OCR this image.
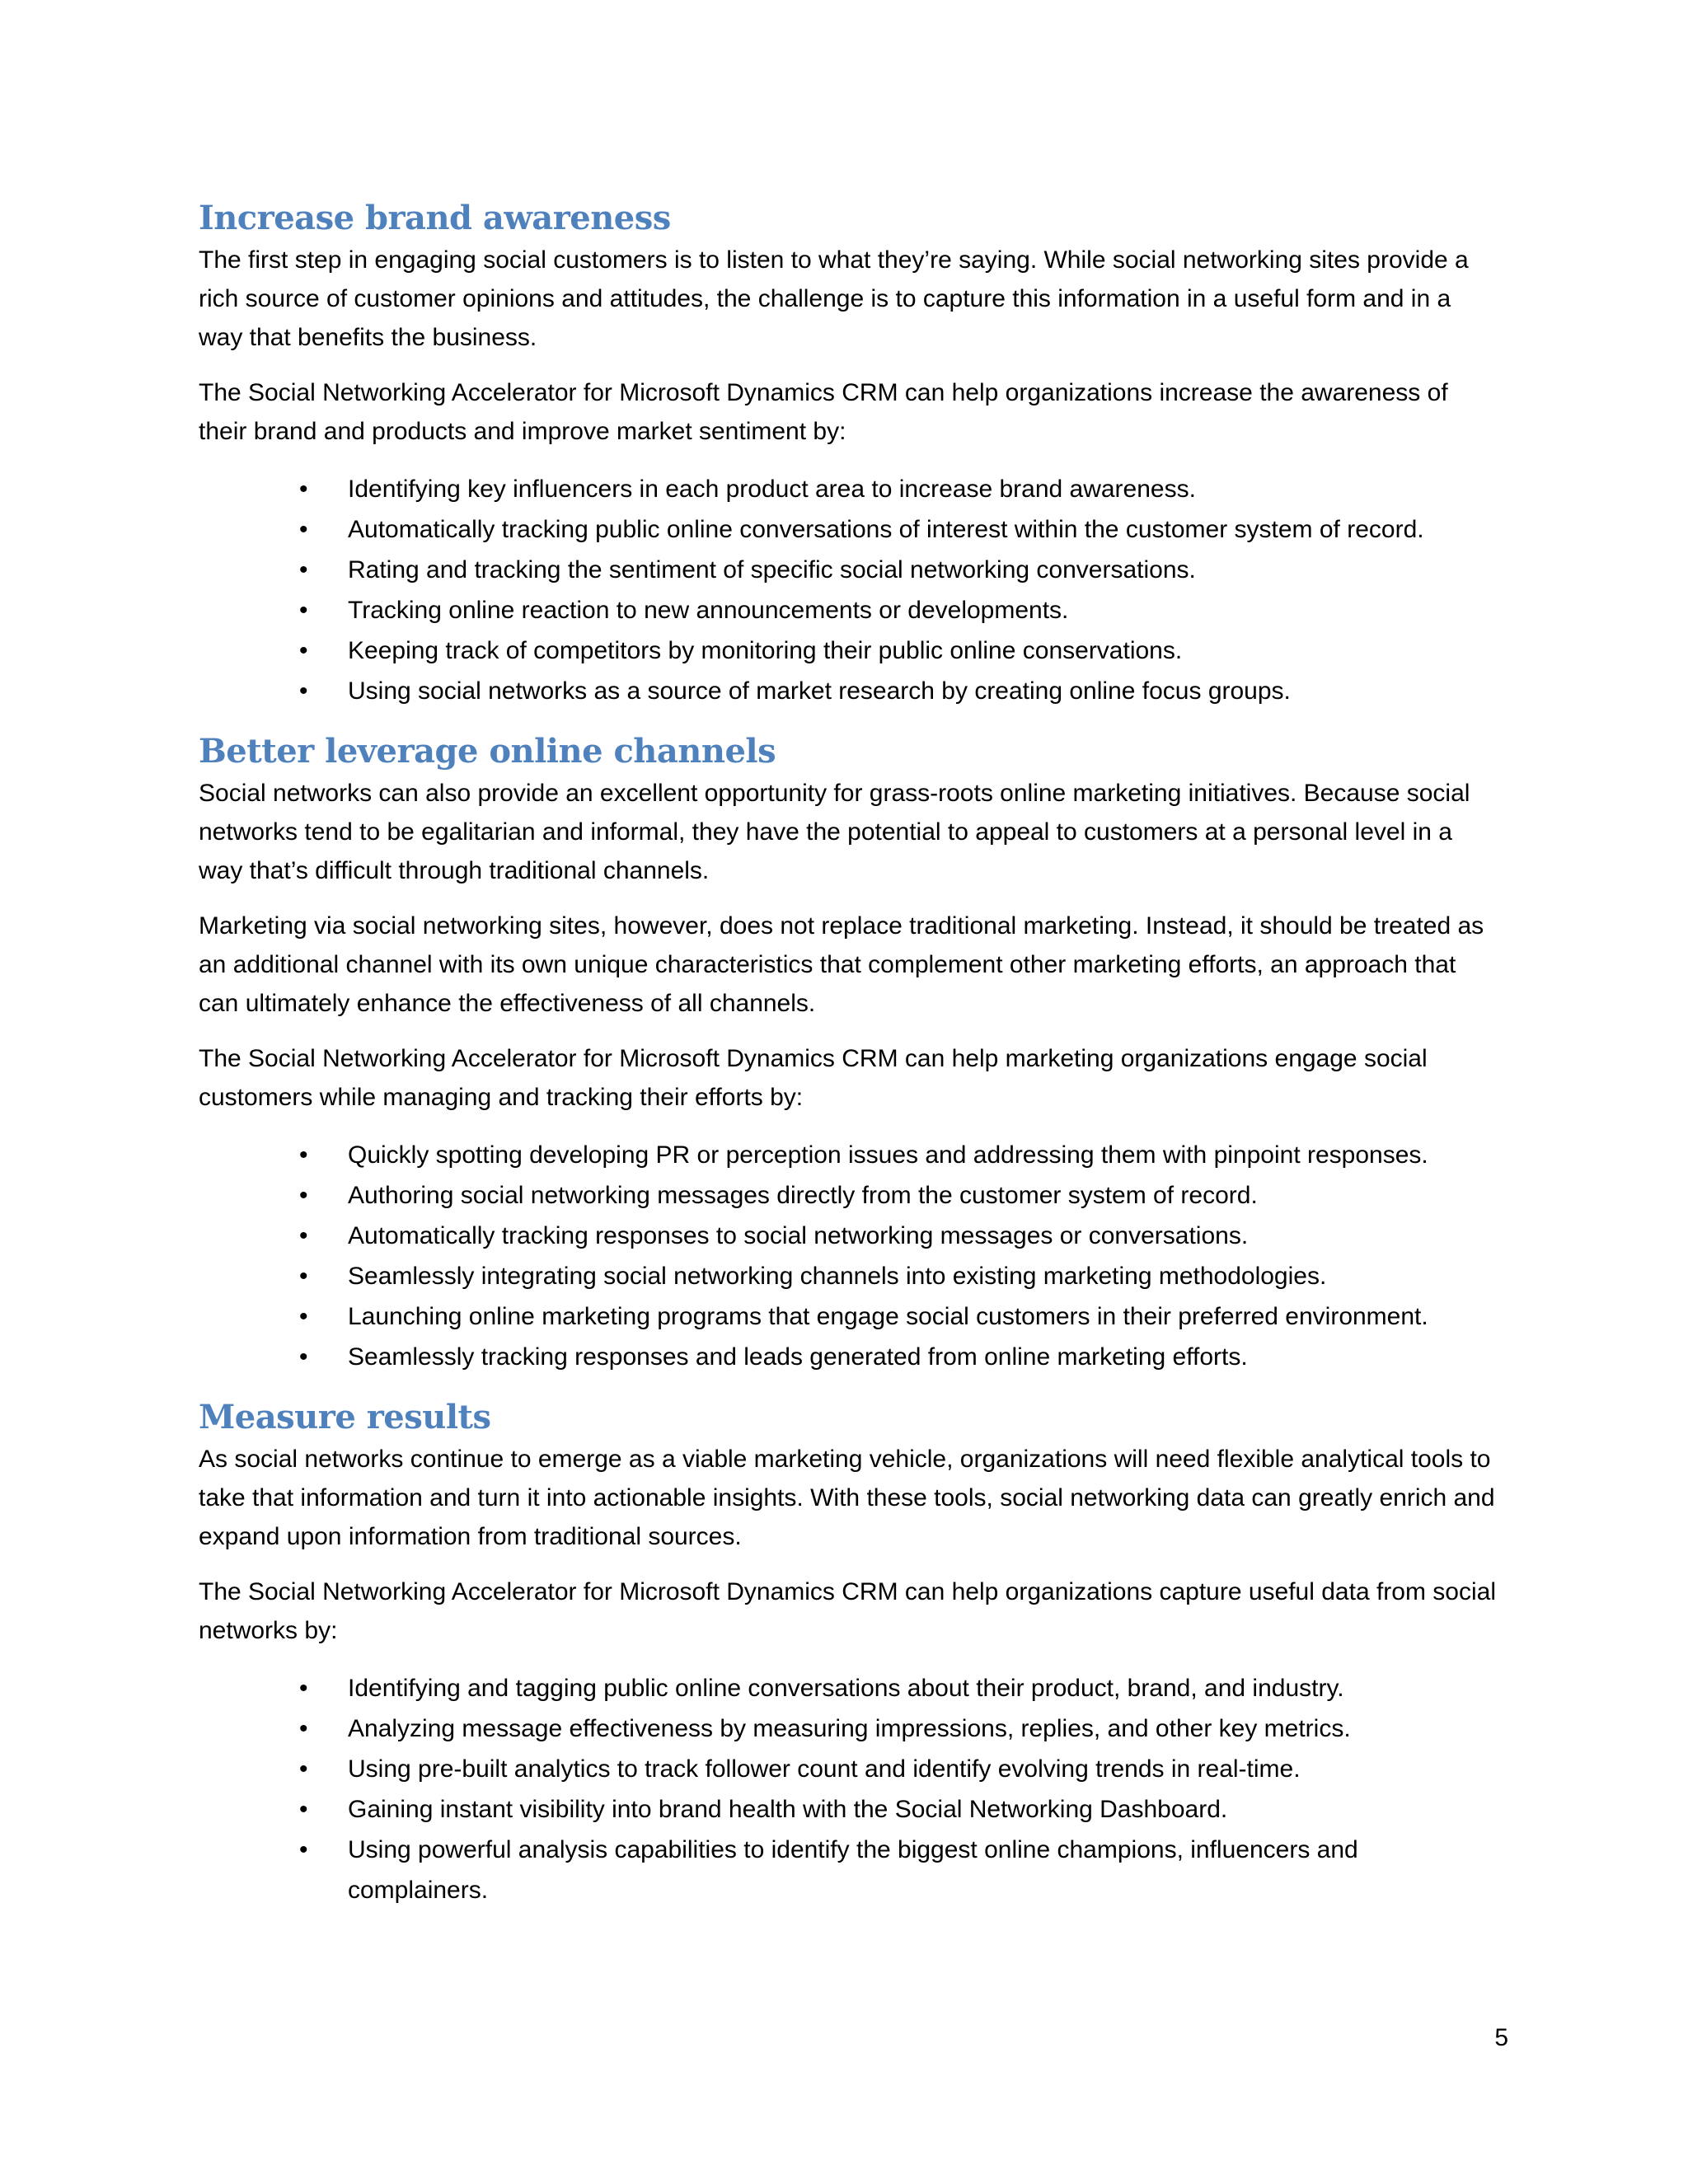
Increase brand awareness

The first step in engaging social customers is to listen to what they’re saying. While social networking sites provide a rich source of customer opinions and attitudes, the challenge is to capture this information in a useful form and in a way that benefits the business.

The Social Networking Accelerator for Microsoft Dynamics CRM can help organizations increase the awareness of their brand and products and improve market sentiment by:

• Identifying key influencers in each product area to increase brand awareness.
• Automatically tracking public online conversations of interest within the customer system of record.
• Rating and tracking the sentiment of specific social networking conversations.
• Tracking online reaction to new announcements or developments.
• Keeping track of competitors by monitoring their public online conservations.
• Using social networks as a source of market research by creating online focus groups.
Better leverage online channels

Social networks can also provide an excellent opportunity for grass-roots online marketing initiatives. Because social networks tend to be egalitarian and informal, they have the potential to appeal to customers at a personal level in a way that’s difficult through traditional channels.

Marketing via social networking sites, however, does not replace traditional marketing. Instead, it should be treated as an additional channel with its own unique characteristics that complement other marketing efforts, an approach that can ultimately enhance the effectiveness of all channels.

The Social Networking Accelerator for Microsoft Dynamics CRM can help marketing organizations engage social customers while managing and tracking their efforts by:

• Quickly spotting developing PR or perception issues and addressing them with pinpoint responses.
• Authoring social networking messages directly from the customer system of record.
• Automatically tracking responses to social networking messages or conversations.
• Seamlessly integrating social networking channels into existing marketing methodologies.
• Launching online marketing programs that engage social customers in their preferred environment.
• Seamlessly tracking responses and leads generated from online marketing efforts.
Measure results

As social networks continue to emerge as a viable marketing vehicle, organizations will need flexible analytical tools to take that information and turn it into actionable insights. With these tools, social networking data can greatly enrich and expand upon information from traditional sources.

The Social Networking Accelerator for Microsoft Dynamics CRM can help organizations capture useful data from social networks by:

• Identifying and tagging public online conversations about their product, brand, and industry.
• Analyzing message effectiveness by measuring impressions, replies, and other key metrics.
• Using pre-built analytics to track follower count and identify evolving trends in real-time.
• Gaining instant visibility into brand health with the Social Networking Dashboard.
• Using powerful analysis capabilities to identify the biggest online champions, influencers and complainers.
5
